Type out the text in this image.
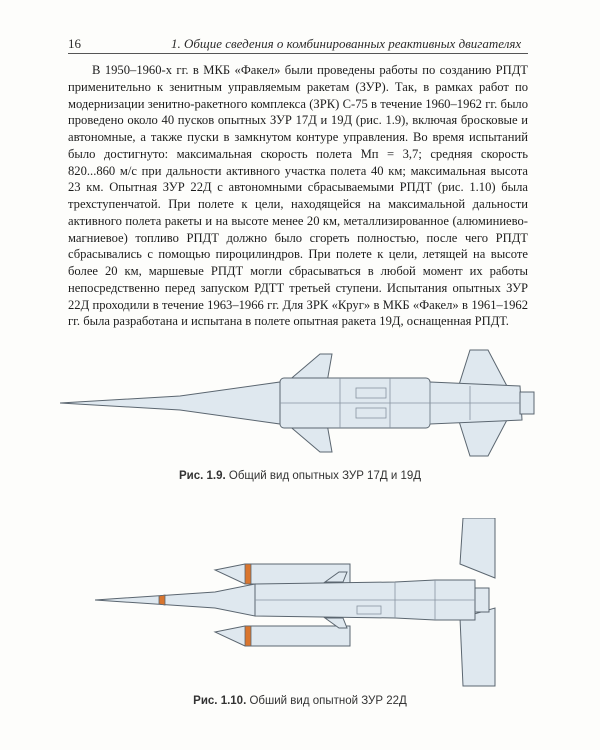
16	1. Общие сведения о комбинированных реактивных двигателях

В 1950–1960-х гг. в МКБ «Факел» были проведены работы по созданию РПДТ применительно к зенитным управляемым ракетам (ЗУР). Так, в рамках работ по модернизации зенитно-ракетного комплекса (ЗРК) С-75 в течение 1960–1962 гг. было проведено около 40 пусков опытных ЗУР 17Д и 19Д (рис. 1.9), включая бросковые и автономные, а также пуски в замкнутом контуре управления. Во время испытаний было достигнуто: максимальная скорость полета Mп = 3,7; средняя скорость 820...860 м/с при дальности активного участка полета 40 км; максимальная высота 23 км. Опытная ЗУР 22Д с автономными сбрасываемыми РПДТ (рис. 1.10) была трехступенчатой. При полете к цели, находящейся на максимальной дальности активного полета ракеты и на высоте менее 20 км, металлизированное (алюминиево-магниевое) топливо РПДТ должно было сгореть полностью, после чего РПДТ сбрасывались с помощью пироцилиндров. При полете к цели, летящей на высоте более 20 км, маршевые РПДТ могли сбрасываться в любой момент их работы непосредственно перед запуском РДТТ третьей ступени. Испытания опытных ЗУР 22Д проходили в течение 1963–1966 гг. Для ЗРК «Круг» в МКБ «Факел» в 1961–1962 гг. была разработана и испытана в полете опытная ракета 19Д, оснащенная РПДТ.

Рис. 1.9. Общий вид опытных ЗУР 17Д и 19Д
Рис. 1.10. Обший вид опытной ЗУР 22Д
